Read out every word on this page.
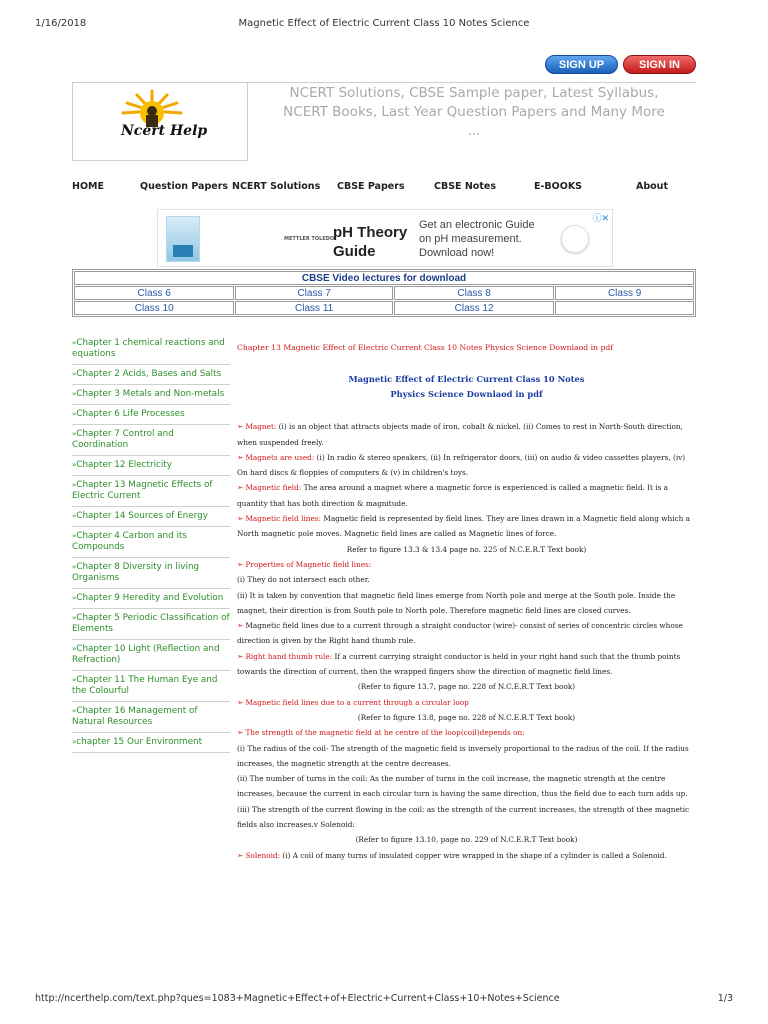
1/16/2018	Magnetic Effect of Electric Current Class 10 Notes Science
SIGN UP	SIGN IN
Ncert Help
NCERT Solutions, CBSE Sample paper, Latest Syllabus,
NCERT Books, Last Year Question Papers and Many More
...
HOME	Question Papers NCERT Solutions CBSE Papers	CBSE Notes	E-BOOKS	About
METTLER TOLEDO
pH Theory Guide
Get an electronic Guide on pH measurement. Download now!
ⓘ✕
CBSE Video lectures for download			
Class 6	Class 7	Class 8	Class 9
Class 10	Class 11	Class 12	
»Chapter 1 chemical reactions and equations
»Chapter 2 Acids, Bases and Salts
»Chapter 3 Metals and Non-metals
»Chapter 6 Life Processes
»Chapter 7 Control and Coordination
»Chapter 12 Electricity
»Chapter 13 Magnetic Effects of Electric Current
»Chapter 14 Sources of Energy
»Chapter 4 Carbon and its Compounds
»Chapter 8 Diversity in living Organisms
»Chapter 9 Heredity and Evolution
»Chapter 5 Periodic Classification of Elements
»Chapter 10 Light (Reflection and Refraction)
»Chapter 11 The Human Eye and the Colourful
»Chapter 16 Management of Natural Resources
»chapter 15 Our Environment

Chapter 13 Magnetic Effect of Electric Current Class 10 Notes Physics Science Downlaod in pdf

Magnetic Effect of Electric Current Class 10 Notes
Physics Science Downlaod in pdf

➣ Magnet: (i) is an object that attracts objects made of iron, cobalt & nickel. (ii) Comes to rest in North-South direction, when suspended freely.

➣ Magnets are used: (i) In radio & stereo speakers, (ii) In refrigerator doors, (iii) on audio & video cassettes players, (iv) On hard discs & floppies of computers & (v) in children's toys.

➣ Magnetic field: The area around a magnet where a magnetic force is experienced is called a magnetic field. It is a quantity that has both direction & magnitude.

➣ Magnetic field lines: Magnetic field is represented by field lines. They are lines drawn in a Magnetic field along which a North magnetic pole moves. Magnetic field lines are called as Magnetic lines of force.

Refer to figure 13.3 & 13.4 page no. 225 of N.C.E.R.T Text book)

➣ Properties of Magnetic field lines:

(i) They do not intersect each other.

(ii) It is taken by convention that magnetic field lines emerge from North pole and merge at the South pole. Inside the magnet, their direction is from South pole to North pole. Therefore magnetic field lines are closed curves.

➣ Magnetic field lines due to a current through a straight conductor (wire)- consist of series of concentric circles whose direction is given by the Right hand thumb rule.

➣ Right hand thumb rule: If a current carrying straight conductor is held in your right hand such that the thumb points towards the direction of current, then the wrapped fingers show the direction of magnetic field lines.

(Refer to figure 13.7, page no. 228 of N.C.E.R.T Text book)

➣ Magnetic field lines due to a current through a circular loop

(Refer to figure 13.8, page no. 228 of N.C.E.R.T Text book)

➣ The strength of the magnetic field at he centre of the loop(coil)depends on:

(i) The radius of the coil- The strength of the magnetic field is inversely proportional to the radius of the coil. If the radius increases, the magnetic strength at the centre decreases.

(ii) The number of turns in the coil: As the number of turns in the coil increase, the magnetic strength at the centre increases, because the current in each circular turn is having the same direction, thus the field due to each turn adds up.

(iii) The strength of the current flowing in the coil: as the strength of the current increases, the strength of thee magnetic fields also increases.v Solenoid:

(Refer to figure 13.10, page no. 229 of N.C.E.R.T Text book)

➣ Solenoid: (i) A coil of many turns of insulated copper wire wrapped in the shape of a cylinder is called a Solenoid.

http://ncerthelp.com/text.php?ques=1083+Magnetic+Effect+of+Electric+Current+Class+10+Notes+Science	1/3
